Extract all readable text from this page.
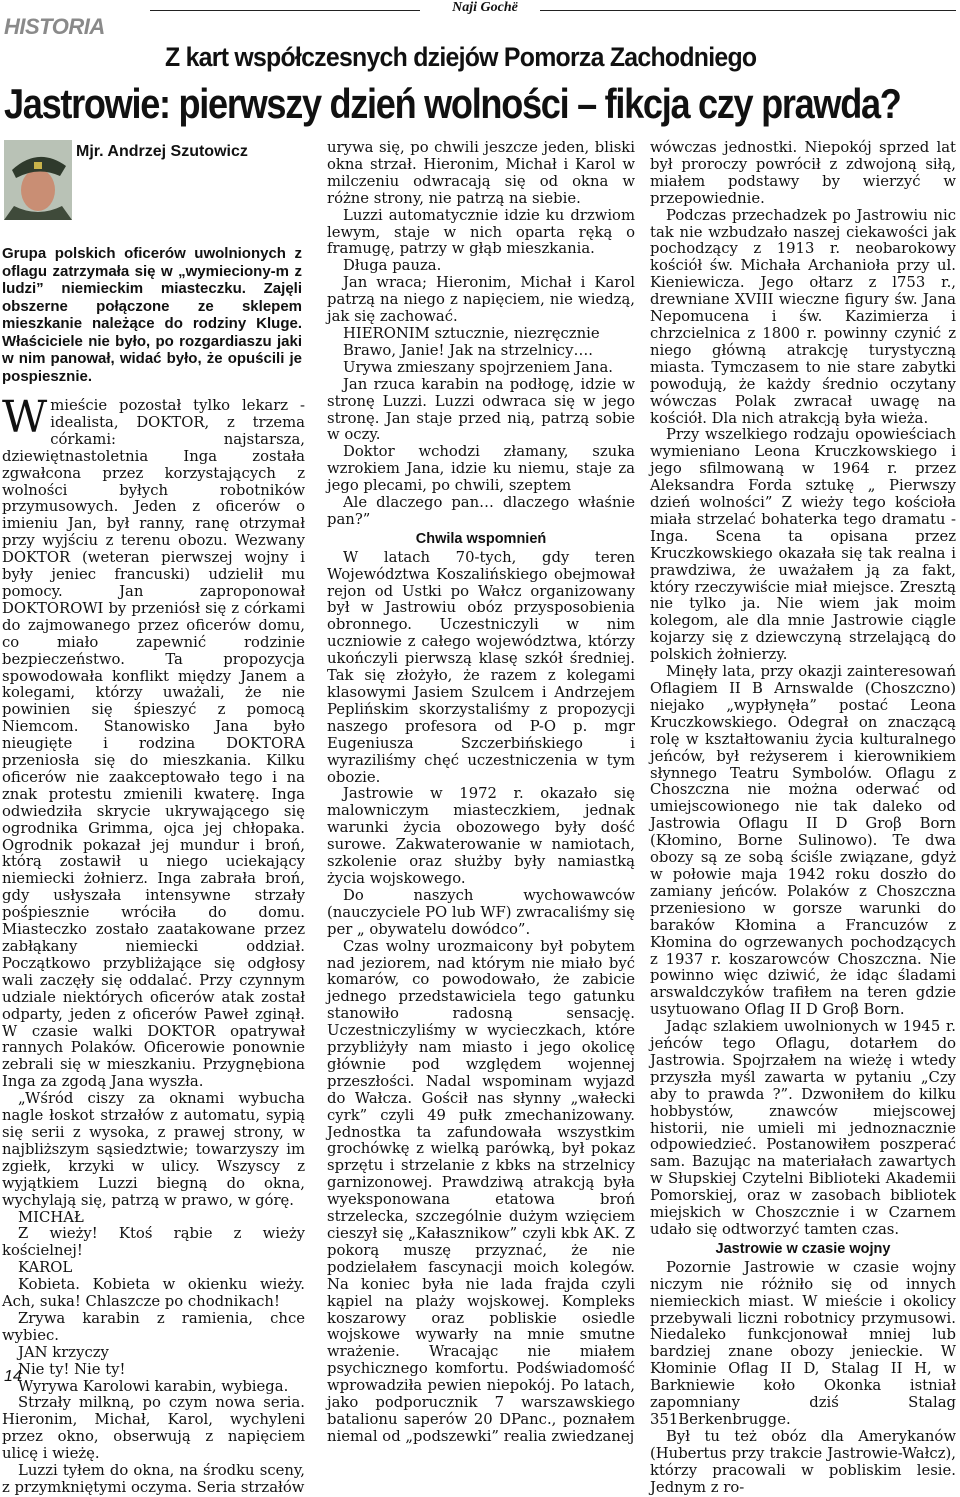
HISTORIA
Naji Gochë
Z kart współczesnych dziejów Pomorza Zachodniego
Jastrowie: pierwszy dzień wolności – fikcja czy prawda?
Mjr. Andrzej Szutowicz
Grupa polskich oficerów uwolnionych z oflagu zatrzymała się w „wymieciony-m z ludzi” niemieckim miasteczku. Zajęli obszerne połączone ze sklepem mieszkanie należące do rodziny Kluge. Właściciele nie było, po rozgardiaszu jaki w nim panował, widać było, że opuścili je pospiesznie.
W mieście pozostał tylko lekarz - idealista, DOKTOR, z trzema córkami: najstarsza, dziewiętnastoletnia Inga została zgwałcona przez korzystających z wolności byłych robotników przymusowych. Jeden z oficerów o imieniu Jan, był ranny, ranę otrzymał przy wyjściu z terenu obozu. Wezwany DOKTOR (weteran pierwszej wojny i były jeniec francuski) udzielił mu pomocy. Jan zaproponował DOKTOROWI by przeniósł się z córkami do zajmowanego przez oficerów domu, co miało zapewnić rodzinie bezpieczeństwo. Ta propozycja spowodowała konflikt między Janem a kolegami, którzy uważali, że nie powinien się śpieszyć z pomocą Niemcom. Stanowisko Jana było nieugięte i rodzina DOKTORA przeniosła się do mieszkania. Kilku oficerów nie zaakceptowało tego i na znak protestu zmienili kwaterę. Inga odwiedziła skrycie ukrywającego się ogrodnika Grimma, ojca jej chłopaka. Ogrodnik pokazał jej mundur i broń, którą zostawił u niego uciekający niemiecki żołnierz. Inga zabrała broń, gdy usłyszała intensywne strzały pośpiesznie wróciła do domu. Miasteczko zostało zaatakowane przez zabłąkany niemiecki oddział. Początkowo przybliżające się odgłosy wali zaczęły się oddalać. Przy czynnym udziale niektórych oficerów atak został odparty, jeden z oficerów Paweł zginął. W czasie walki DOKTOR opatrywał rannych Polaków. Oficerowie ponownie zebrali się w mieszkaniu. Przygnębiona Inga za zgodą Jana wyszła.

„Wśród ciszy za oknami wybucha nagle łoskot strzałów z automatu, sypią się serii z wysoka, z prawej strony, w najbliższym sąsiedztwie; towarzyszy im zgiełk, krzyki w ulicy. Wszyscy z wyjątkiem Luzzi biegną do okna, wychylają się, patrzą w prawo, w górę.

MICHAŁ

Z wieży! Ktoś rąbie z wieży kościelnej!

KAROL

Kobieta. Kobieta w okienku wieży. Ach, suka! Chlaszcze po chodnikach!

Zrywa karabin z ramienia, chce wybiec.

JAN krzyczy

Nie ty! Nie ty!

Wyrywa Karolowi karabin, wybiega.

Strzały milkną, po czym nowa seria. Hieronim, Michał, Karol, wychyleni przez okno, obserwują z napięciem ulicę i wieżę.

Luzzi tyłem do okna, na środku sceny, z przymkniętymi oczyma. Seria strzałów

urywa się, po chwili jeszcze jeden, bliski okna strzał. Hieronim, Michał i Karol w milczeniu odwracają się od okna w różne strony, nie patrzą na siebie.

Luzzi automatycznie idzie ku drzwiom lewym, staje w nich oparta ręką o framugę, patrzy w głąb mieszkania.

Długa pauza.

Jan wraca; Hieronim, Michał i Karol patrzą na niego z napięciem, nie wiedzą, jak się zachować.

HIERONIM sztucznie, niezręcznie

Brawo, Janie! Jak na strzelnicy….

Urywa zmieszany spojrzeniem Jana.

Jan rzuca karabin na podłogę, idzie w stronę Luzzi. Luzzi odwraca się w jego stronę. Jan staje przed nią, patrzą sobie w oczy.

Doktor wchodzi złamany, szuka wzrokiem Jana, idzie ku niemu, staje za jego plecami, po chwili, szeptem

Ale dlaczego pan… dlaczego właśnie pan?”

Chwila wspomnień

W latach 70-tych, gdy teren Województwa Koszalińskiego obejmował rejon od Ustki po Wałcz organizowany był w Jastrowiu obóz przysposobienia obronnego. Uczestniczyli w nim uczniowie z całego województwa, którzy ukończyli pierwszą klasę szkół średniej. Tak się złożyło, że razem z kolegami klasowymi Jasiem Szulcem i Andrzejem Peplińskim skorzystaliśmy z propozycji naszego profesora od P-O p. mgr Eugeniusza Szczerbińskiego i wyraziliśmy chęć uczestniczenia w tym obozie.

Jastrowie w 1972 r. okazało się malowniczym miasteczkiem, jednak warunki życia obozowego były dość surowe. Zakwaterowanie w namiotach, szkolenie oraz służby były namiastką życia wojskowego.

Do naszych wychowawców (nauczyciele PO lub WF) zwracaliśmy się per „ obywatelu dowódco”.

Czas wolny urozmaicony był pobytem nad jeziorem, nad którym nie miało być komarów, co powodowało, że zabicie jednego przedstawiciela tego gatunku stanowiło radosną sensację. Uczestniczyliśmy w wycieczkach, które przybliżyły nam miasto i jego okolicę głównie pod względem wojennej przeszłości. Nadal wspominam wyjazd do Wałcza. Gościł nas słynny „wałecki cyrk” czyli 49 pułk zmechanizowany. Jednostka ta zafundowała wszystkim grochówkę z wielką parówką, był pokaz sprzętu i strzelanie z kbks na strzelnicy garnizonowej. Prawdziwą atrakcją była wyeksponowana etatowa broń strzelecka, szczególnie dużym wzięciem cieszył się „Kałasznikow” czyli kbk AK. Z pokorą muszę przyznać, że nie podzielałem fascynacji moich kolegów. Na koniec była nie lada frajda czyli kąpiel na plaży wojskowej. Kompleks koszarowy oraz pobliskie osiedle wojskowe wywarły na mnie smutne wrażenie. Wracając nie miałem psychicznego komfortu. Podświadomość wprowadziła pewien niepokój. Po latach, jako podporucznik 7 warszawskiego batalionu saperów 20 DPanc., poznałem niemal od „podszewki” realia zwiedzanej

wówczas jednostki. Niepokój sprzed lat był proroczy powrócił z zdwojoną siłą, miałem podstawy by wierzyć w przepowiednie.

Podczas przechadzek po Jastrowiu nic tak nie wzbudzało naszej ciekawości jak pochodzący z 1913 r. neobarokowy kościół św. Michała Archanioła przy ul. Kieniewicza. Jego ołtarz z l753 r., drewniane XVIII wieczne figury św. Jana Nepomucena i św. Kazimierza i chrzcielnica z 1800 r. powinny czynić z niego główną atrakcję turystyczną miasta. Tymczasem to nie stare zabytki powodują, że każdy średnio oczytany wówczas Polak zwracał uwagę na kościół. Dla nich atrakcją była wieża.

Przy wszelkiego rodzaju opowieściach wymieniano Leona Kruczkowskiego i jego sfilmowaną w 1964 r. przez Aleksandra Forda sztukę „ Pierwszy dzień wolności” Z wieży tego kościoła miała strzelać bohaterka tego dramatu - Inga. Scena ta opisana przez Kruczkowskiego okazała się tak realna i prawdziwa, że uważałem ją za fakt, który rzeczywiście miał miejsce. Zresztą nie tylko ja. Nie wiem jak moim kolegom, ale dla mnie Jastrowie ciągle kojarzy się z dziewczyną strzelającą do polskich żołnierzy.

Minęły lata, przy okazji zainteresowań Oflagiem II B Arnswalde (Choszczno) niejako „wypłynęła” postać Leona Kruczkowskiego. Odegrał on znaczącą rolę w kształtowaniu życia kulturalnego jeńców, był reżyserem i kierownikiem słynnego Teatru Symbolów. Oflagu z Choszczna nie można oderwać od umiejscowionego nie tak daleko od Jastrowia Oflagu II D Groβ Born (Kłomino, Borne Sulinowo). Te dwa obozy są ze sobą ściśle związane, gdyż w połowie maja 1942 roku doszło do zamiany jeńców. Polaków z Choszczna przeniesiono w gorsze warunki do baraków Kłomina a Francuzów z Kłomina do ogrzewanych pochodzących z 1937 r. koszarowców Choszczna. Nie powinno więc dziwić, że idąc śladami arswaldczyków trafiłem na teren gdzie usytuowano Oflag II D Groβ Born.

Jadąc szlakiem uwolnionych w 1945 r. jeńców tego Oflagu, dotarłem do Jastrowia. Spojrzałem na wieżę i wtedy przyszła myśl zawarta w pytaniu „Czy aby to prawda ?”. Dzwoniłem do kilku hobbystów, znawców miejscowej historii, nie umieli mi jednoznacznie odpowiedzieć. Postanowiłem poszperać sam. Bazując na materiałach zawartych w Słupskiej Czytelni Biblioteki Akademii Pomorskiej, oraz w zasobach bibliotek miejskich w Choszcznie i w Czarnem udało się odtworzyć tamten czas.

Jastrowie w czasie wojny

Pozornie Jastrowie w czasie wojny niczym nie różniło się od innych niemieckich miast. W mieście i okolicy przebywali liczni robotnicy przymusowi. Niedaleko funkcjonował mniej lub bardziej znane obozy jenieckie. W Kłominie Oflag II D, Stalag II H, w Barkniewie koło Okonka istniał zapomniany dziś Stalag 351Berkenbrugge.

Był tu też obóz dla Amerykanów (Hubertus przy trakcie Jastrowie-Wałcz), którzy pracowali w pobliskim lesie. Jednym z ro-

14
